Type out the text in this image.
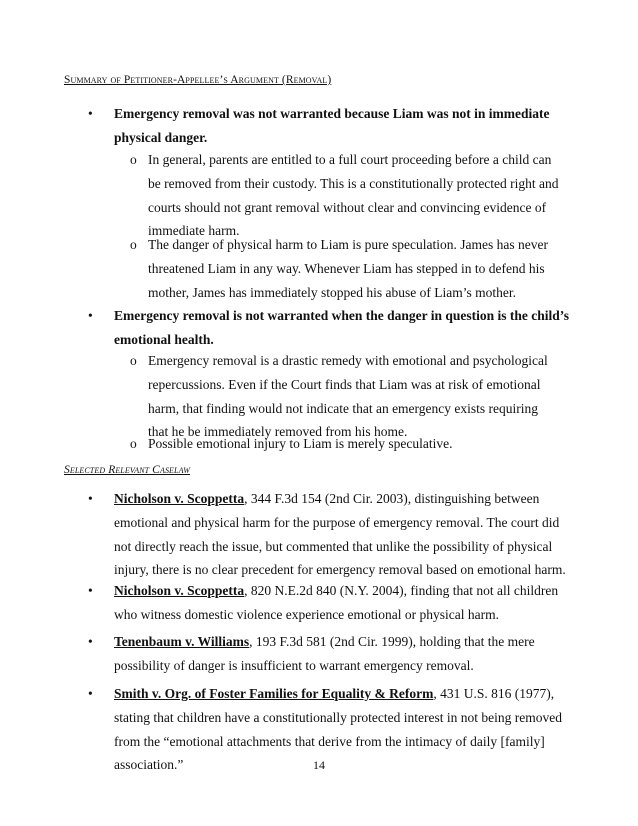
Summary of Petitioner-Appellee’s Argument (Removal)
•	Emergency removal was not warranted because Liam was not in immediate physical danger.
o In general, parents are entitled to a full court proceeding before a child can be removed from their custody. This is a constitutionally protected right and courts should not grant removal without clear and convincing evidence of immediate harm.
o The danger of physical harm to Liam is pure speculation. James has never threatened Liam in any way. Whenever Liam has stepped in to defend his mother, James has immediately stopped his abuse of Liam’s mother.
•	Emergency removal is not warranted when the danger in question is the child’s emotional health.
o Emergency removal is a drastic remedy with emotional and psychological repercussions. Even if the Court finds that Liam was at risk of emotional harm, that finding would not indicate that an emergency exists requiring that he be immediately removed from his home.
o Possible emotional injury to Liam is merely speculative.
Selected Relevant Caselaw
•	Nicholson v. Scoppetta, 344 F.3d 154 (2nd Cir. 2003), distinguishing between emotional and physical harm for the purpose of emergency removal. The court did not directly reach the issue, but commented that unlike the possibility of physical injury, there is no clear precedent for emergency removal based on emotional harm.
•	Nicholson v. Scoppetta, 820 N.E.2d 840 (N.Y. 2004), finding that not all children who witness domestic violence experience emotional or physical harm.
•	Tenenbaum v. Williams, 193 F.3d 581 (2nd Cir. 1999), holding that the mere possibility of danger is insufficient to warrant emergency removal.
•	Smith v. Org. of Foster Families for Equality & Reform, 431 U.S. 816 (1977), stating that children have a constitutionally protected interest in not being removed from the “emotional attachments that derive from the intimacy of daily [family] association.”	14
